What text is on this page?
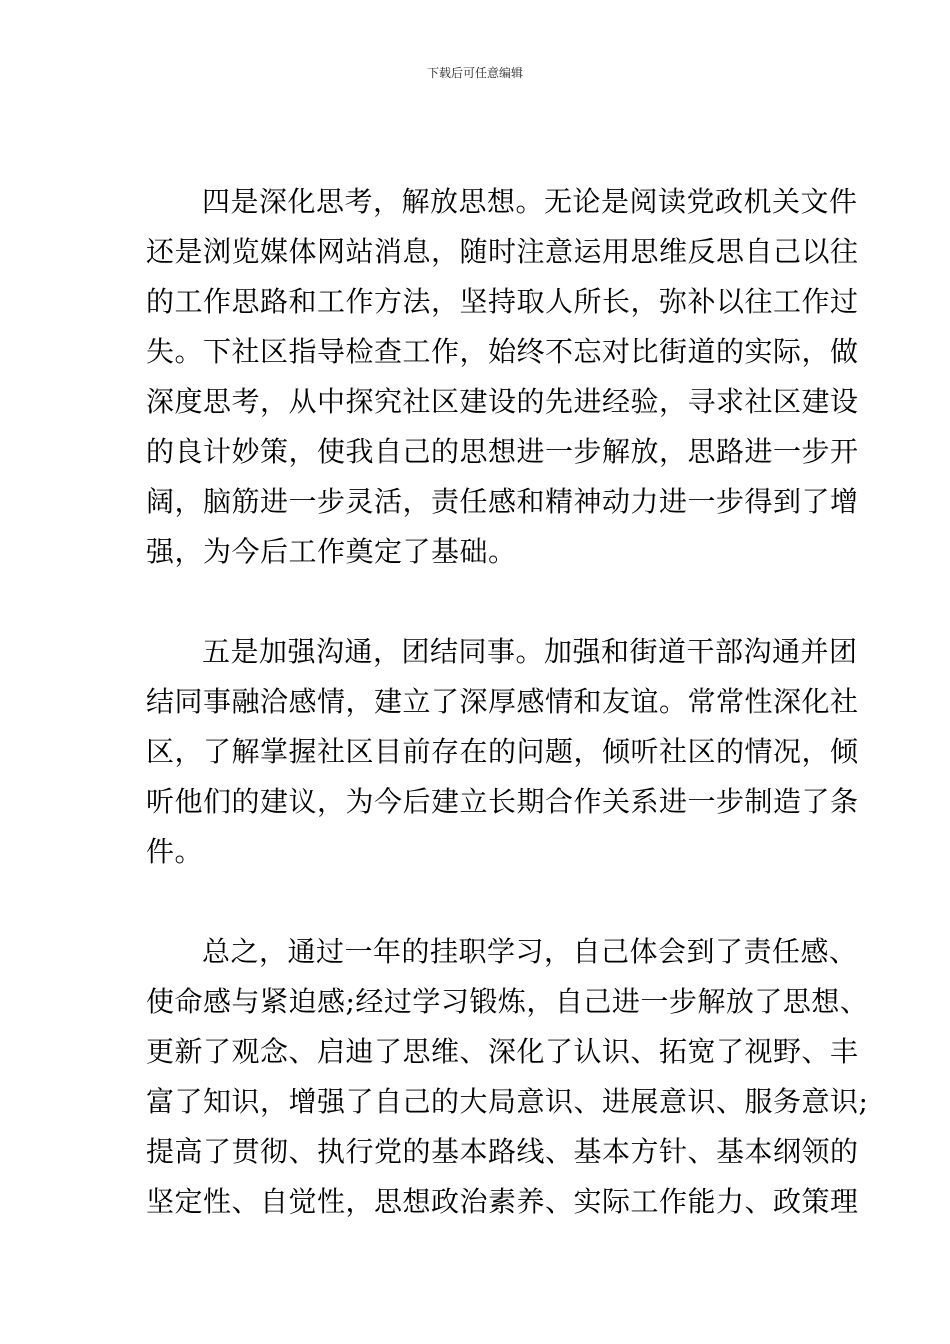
下载后可任意编辑
四是深化思考，解放思想。无论是阅读党政机关文件
还是浏览媒体网站消息，随时注意运用思维反思自己以往
的工作思路和工作方法，坚持取人所长，弥补以往工作过
失。下社区指导检查工作，始终不忘对比街道的实际，做
深度思考，从中探究社区建设的先进经验，寻求社区建设
的良计妙策，使我自己的思想进一步解放，思路进一步开
阔，脑筋进一步灵活，责任感和精神动力进一步得到了增
强，为今后工作奠定了基础。
五是加强沟通，团结同事。加强和街道干部沟通并团
结同事融洽感情，建立了深厚感情和友谊。常常性深化社
区，了解掌握社区目前存在的问题，倾听社区的情况，倾
听他们的建议，为今后建立长期合作关系进一步制造了条
件。
总之，通过一年的挂职学习，自己体会到了责任感、
使命感与紧迫感;经过学习锻炼，自己进一步解放了思想、
更新了观念、启迪了思维、深化了认识、拓宽了视野、丰
富了知识，增强了自己的大局意识、进展意识、服务意识;
提高了贯彻、执行党的基本路线、基本方针、基本纲领的
坚定性、自觉性，思想政治素养、实际工作能力、政策理
